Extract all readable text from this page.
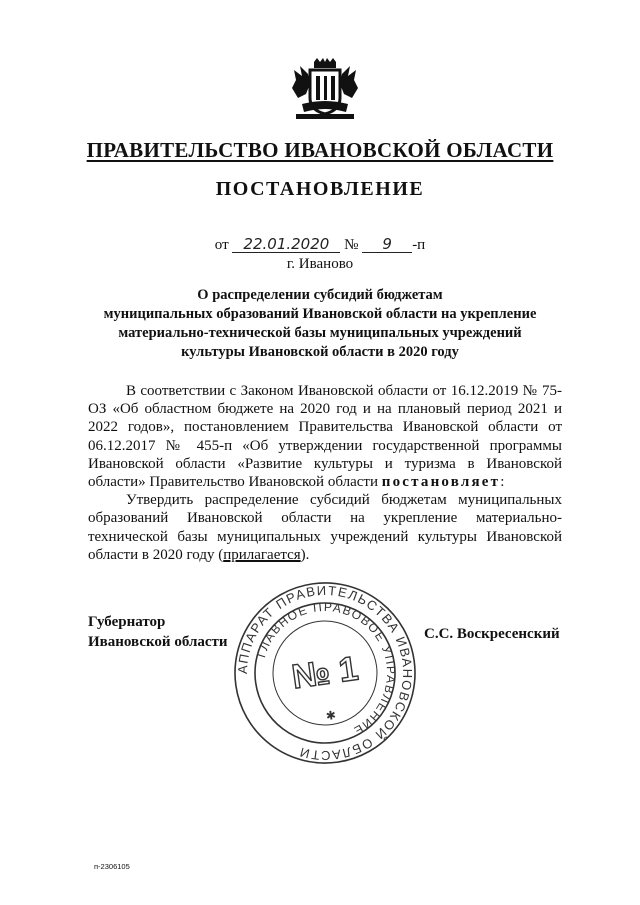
ПРАВИТЕЛЬСТВО ИВАНОВСКОЙ ОБЛАСТИ
ПОСТАНОВЛЕНИЕ
от 22.01.2020 № 9 -п
г. Иваново
О распределении субсидий бюджетам
муниципальных образований Ивановской области на укрепление
материально-технической базы муниципальных учреждений
культуры Ивановской области в 2020 году

В соответствии с Законом Ивановской области от 16.12.2019 № 75-ОЗ «Об областном бюджете на 2020 год и на плановый период 2021 и 2022 годов», постановлением Правительства Ивановской области от 06.12.2017 № 455-п «Об утверждении государственной программы Ивановской области «Развитие культуры и туризма в Ивановской области» Правительство Ивановской области постановляет:

Утвердить распределение субсидий бюджетам муниципальных образований Ивановской области на укрепление материально-технической базы муниципальных учреждений культуры Ивановской области в 2020 году (прилагается).

Губернатор
Ивановской области	С.С. Воскресенский
АППАРАТ ПРАВИТЕЛЬСТВА ИВАНОВСКОЙ ОБЛАСТИ
ГЛАВНОЕ ПРАВОВОЕ УПРАВЛЕНИЕ
№ 1
✱
п-2306105
